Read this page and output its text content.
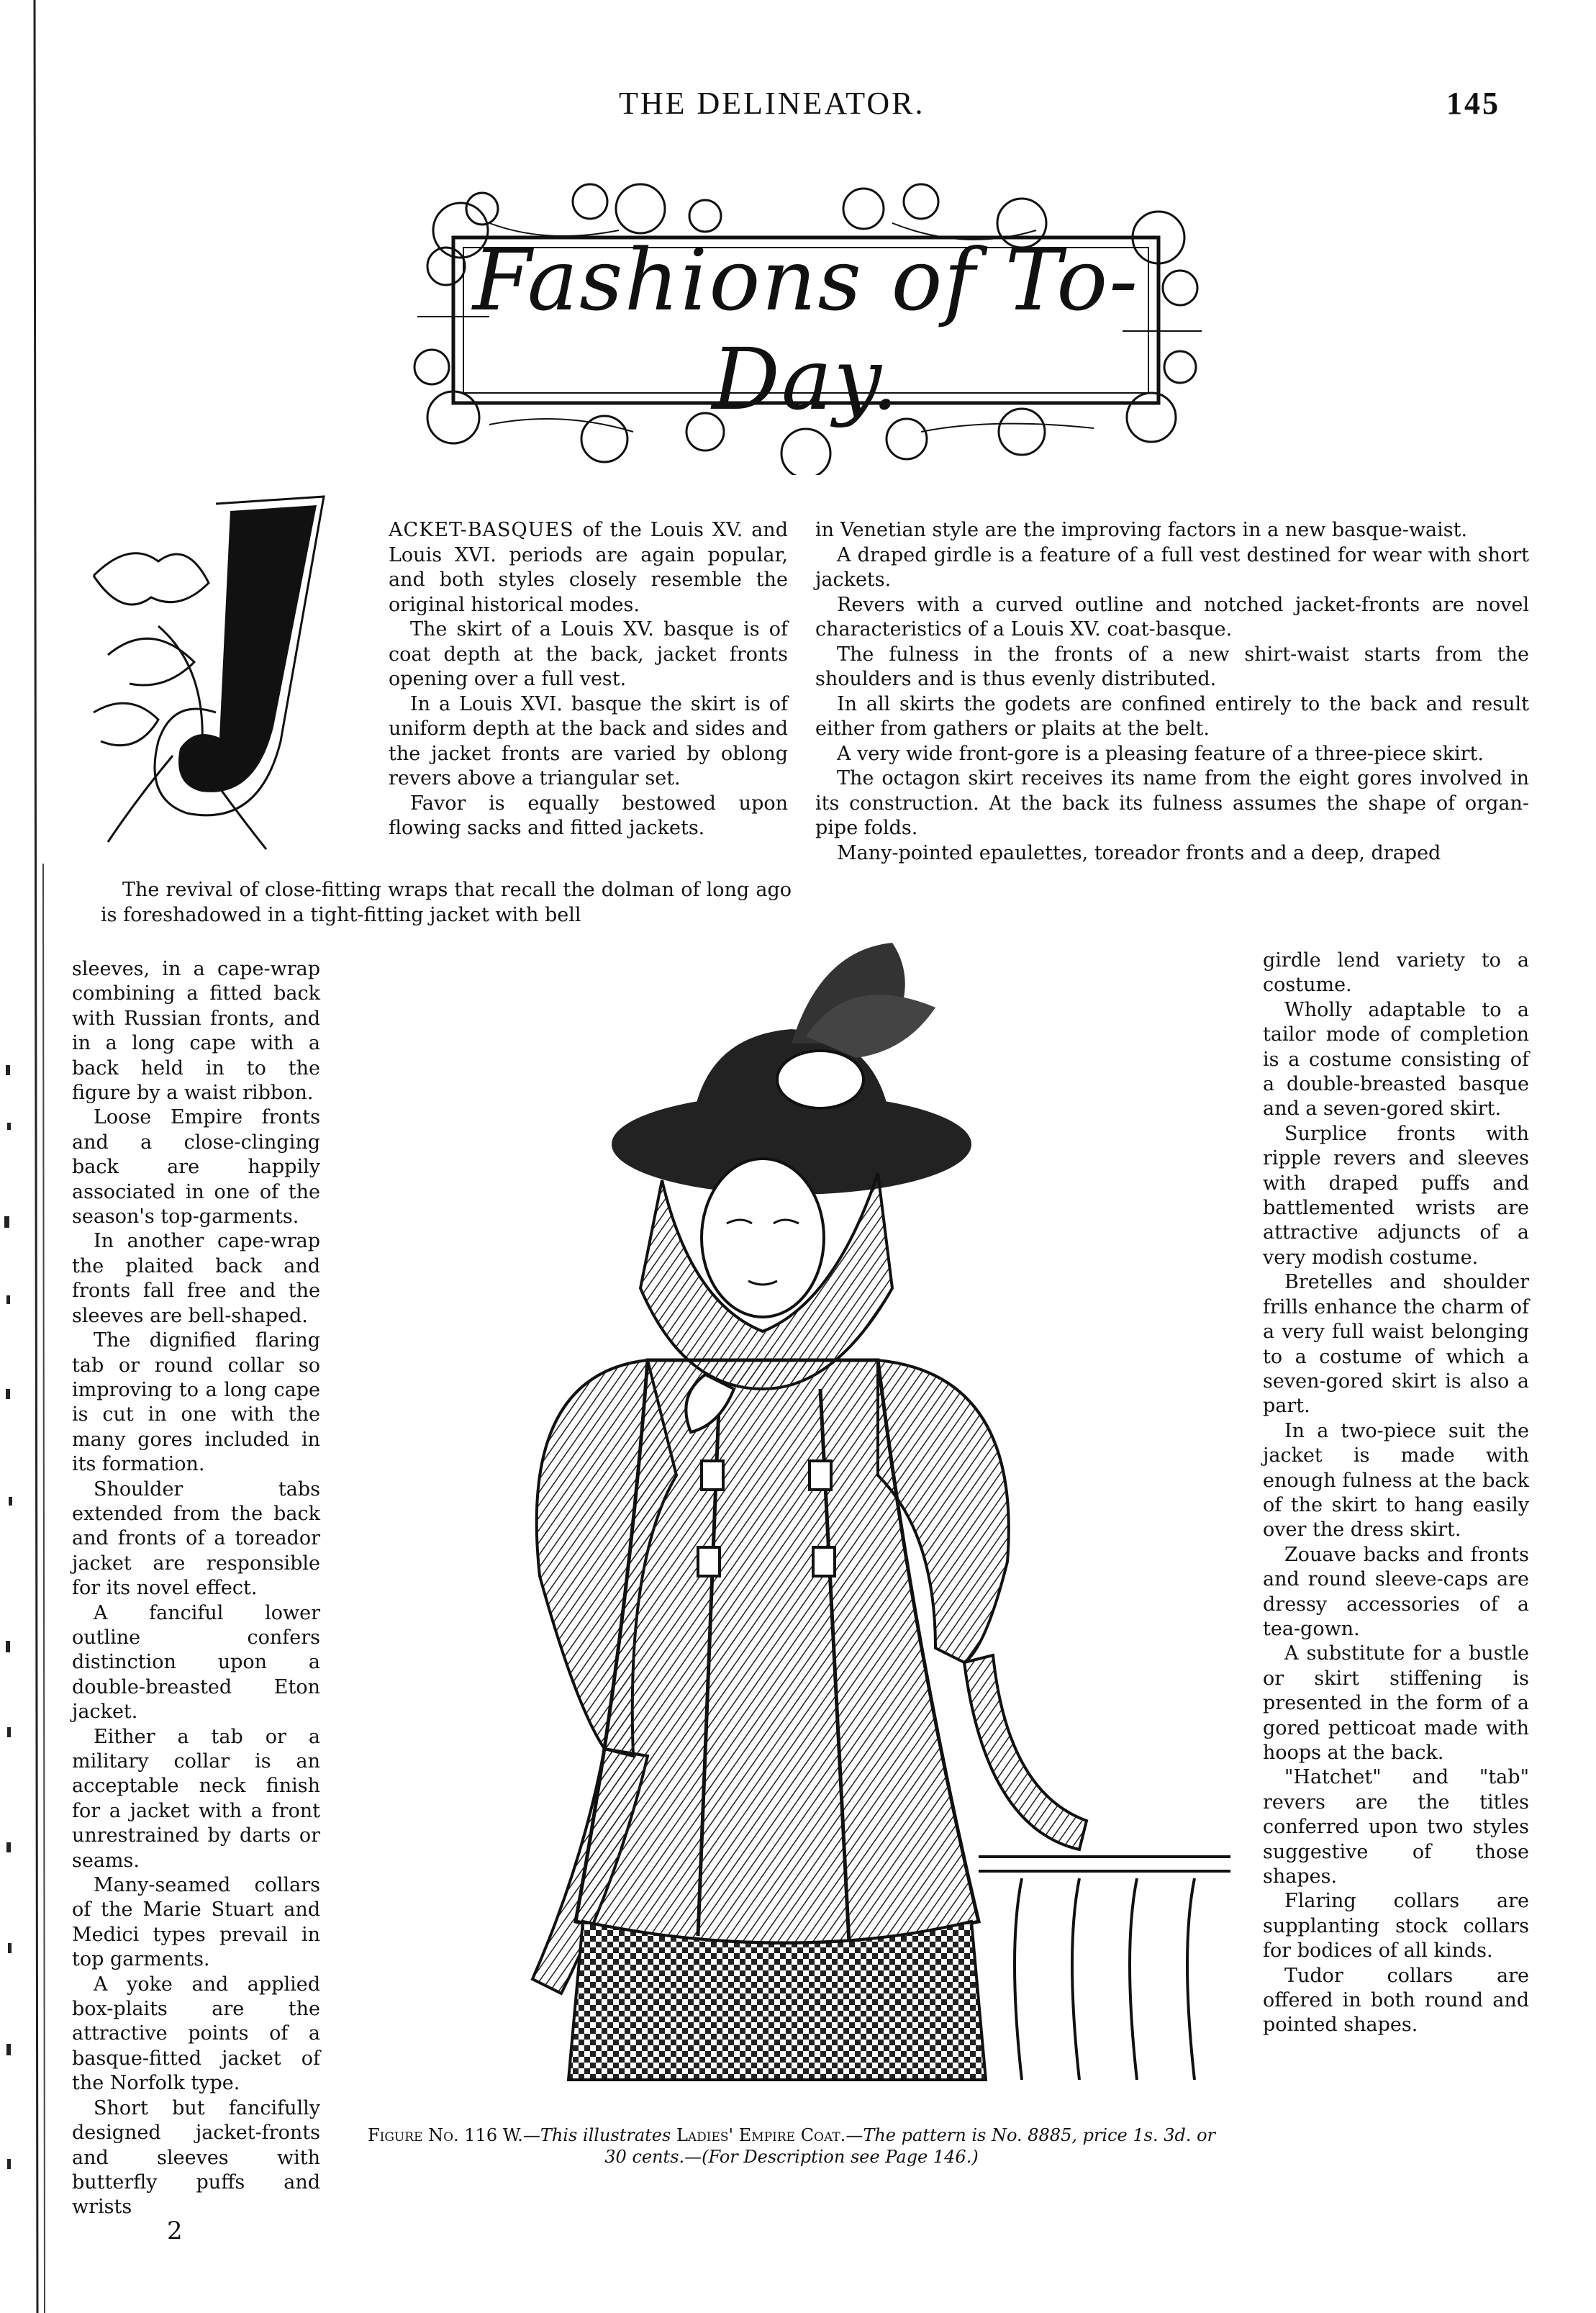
THE DELINEATOR.	145
Fashions of To-Day.

ACKET-BASQUES of the Louis XV. and Louis XVI. periods are again popular, and both styles closely resemble the original historical modes.

The skirt of a Louis XV. basque is of coat depth at the back, jacket fronts opening over a full vest.

In a Louis XVI. basque the skirt is of uniform depth at the back and sides and the jacket fronts are varied by oblong revers above a triangular set.

Favor is equally bestowed upon flowing sacks and fitted jackets.

The revival of close-fitting wraps that recall the dolman of long ago is foreshadowed in a tight-fitting jacket with bell

sleeves, in a cape-wrap combining a fitted back with Russian fronts, and in a long cape with a back held in to the figure by a waist ribbon.

Loose Empire fronts and a close-clinging back are happily associated in one of the season's top-garments.

In another cape-wrap the plaited back and fronts fall free and the sleeves are bell-shaped.

The dignified flaring tab or round collar so improving to a long cape is cut in one with the many gores included in its formation.

Shoulder tabs extended from the back and fronts of a toreador jacket are responsible for its novel effect.

A fanciful lower outline confers distinction upon a double-breasted Eton jacket.

Either a tab or a military collar is an acceptable neck finish for a jacket with a front unrestrained by darts or seams.

Many-seamed collars of the Marie Stuart and Medici types prevail in top garments.

A yoke and applied box-plaits are the attractive points of a basque-fitted jacket of the Norfolk type.

Short but fancifully designed jacket-fronts and sleeves with butterfly puffs and wrists

in Venetian style are the improving factors in a new basque-waist.

A draped girdle is a feature of a full vest destined for wear with short jackets.

Revers with a curved outline and notched jacket-fronts are novel characteristics of a Louis XV. coat-basque.

The fulness in the fronts of a new shirt-waist starts from the shoulders and is thus evenly distributed.

In all skirts the godets are confined entirely to the back and result either from gathers or plaits at the belt.

A very wide front-gore is a pleasing feature of a three-piece skirt.

The octagon skirt receives its name from the eight gores involved in its construction. At the back its fulness assumes the shape of organ-pipe folds.

Many-pointed epaulettes, toreador fronts and a deep, draped

girdle lend variety to a costume.

Wholly adaptable to a tailor mode of completion is a costume consisting of a double-breasted basque and a seven-gored skirt.

Surplice fronts with ripple revers and sleeves with draped puffs and battlemented wrists are attractive adjuncts of a very modish costume.

Bretelles and shoulder frills enhance the charm of a very full waist belonging to a costume of which a seven-gored skirt is also a part.

In a two-piece suit the jacket is made with enough fulness at the back of the skirt to hang easily over the dress skirt.

Zouave backs and fronts and round sleeve-caps are dressy accessories of a tea-gown.

A substitute for a bustle or skirt stiffening is presented in the form of a gored petticoat made with hoops at the back.

"Hatchet" and "tab" revers are the titles conferred upon two styles suggestive of those shapes.

Flaring collars are supplanting stock collars for bodices of all kinds.

Tudor collars are offered in both round and pointed shapes.

Figure No. 116 W.—This illustrates Ladies' Empire Coat.—The pattern is No. 8885, price 1s. 3d. or 30 cents.—(For Description see Page 146.)
2
